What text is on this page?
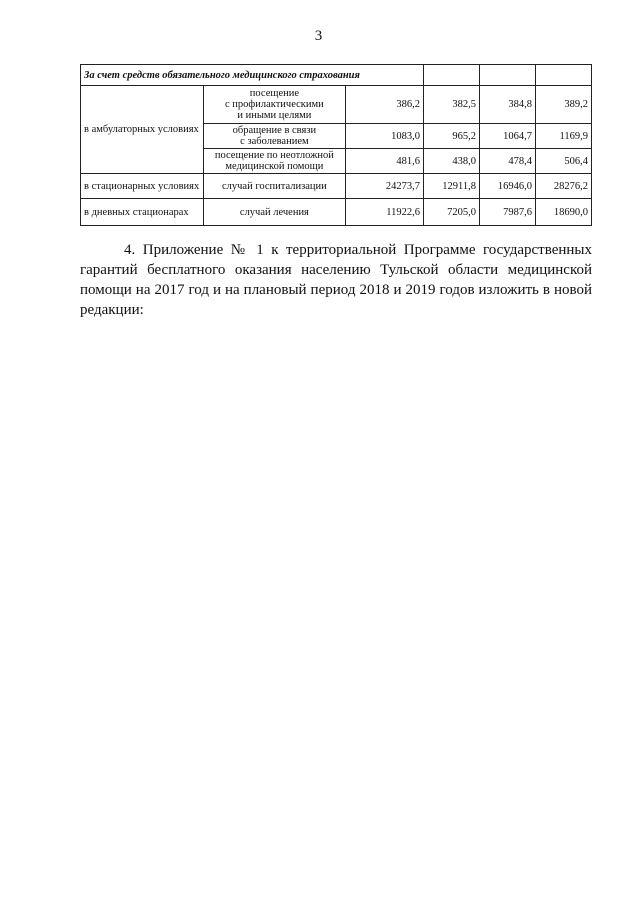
3
За счет средств обязательного медицинского страхования					
в амбулаторных условиях	посещение
с профилактическими
и иными целями	386,2	382,5	384,8	389,2
	обращение в связи
с заболеванием	1083,0	965,2	1064,7	1169,9
	посещение по неотложной
медицинской помощи	481,6	438,0	478,4	506,4
в стационарных условиях	случай госпитализации	24273,7	12911,8	16946,0	28276,2
в дневных стационарах	случай лечения	11922,6	7205,0	7987,6	18690,0

4. Приложение № 1 к территориальной Программе государственных гарантий бесплатного оказания населению Тульской области медицинской помощи на 2017 год и на плановый период 2018 и 2019 годов изложить в новой редакции:
